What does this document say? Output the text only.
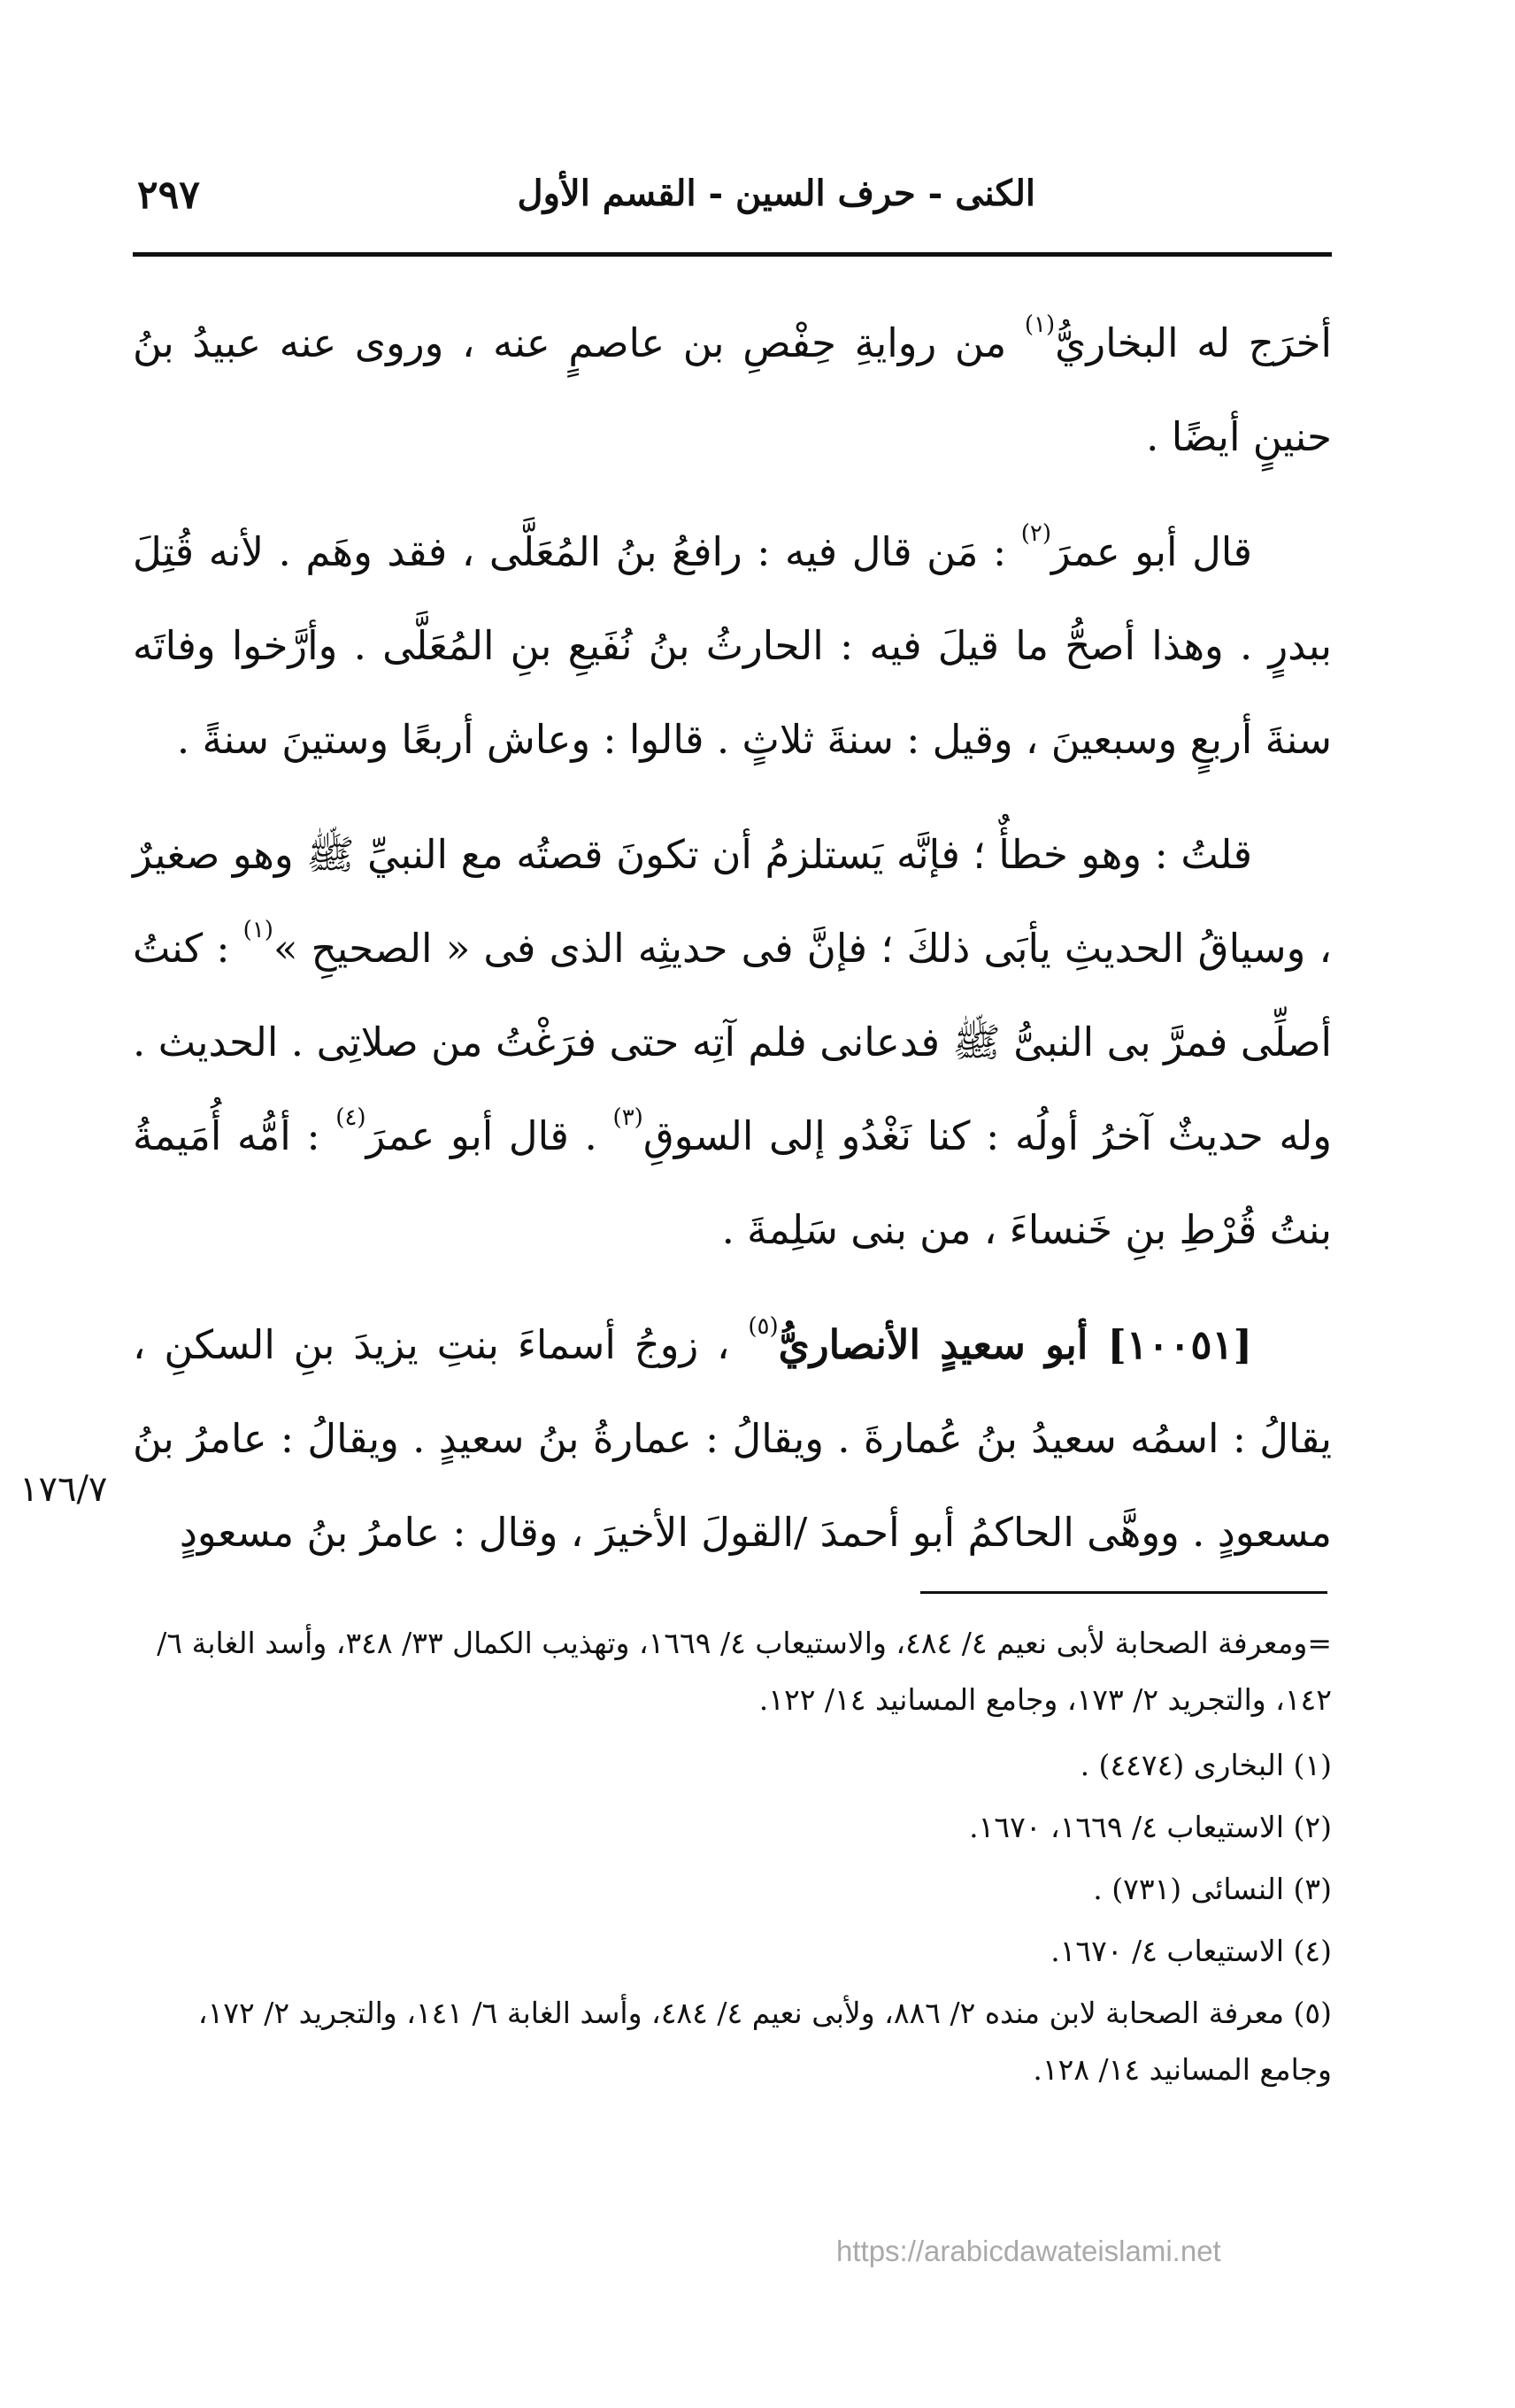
الكنى - حرف السين - القسم الأول
٢٩٧

أخرَج له البخاريُّ$^{(١)}$ من روايةِ حِفْصِ بن عاصمٍ عنه ، وروى عنه عبيدُ بنُ حنينٍ أيضًا .

قال أبو عمرَ$^{(٢)}$ : مَن قال فيه : رافعُ بنُ المُعَلَّى ، فقد وهَم . لأنه قُتِلَ ببدرٍ . وهذا أصحُّ ما قيلَ فيه : الحارثُ بنُ نُفَيعِ بنِ المُعَلَّى . وأرَّخوا وفاتَه سنةَ أربعٍ وسبعينَ ، وقيل : سنةَ ثلاثٍ . قالوا : وعاش أربعًا وستينَ سنةً .

قلتُ : وهو خطأٌ ؛ فإنَّه يَستلزمُ أن تكونَ قصتُه مع النبيِّ ﷺ وهو صغيرٌ ، وسياقُ الحديثِ يأبَى ذلكَ ؛ فإنَّ فى حديثِه الذى فى « الصحيحِ »$^{(١)}$ : كنتُ أصلِّى فمرَّ بى النبىُّ ﷺ فدعانى فلم آتِه حتى فرَغْتُ من صلاتِى . الحديث . وله حديثٌ آخرُ أولُه : كنا نَغْدُو إلى السوقِ$^{(٣)}$ . قال أبو عمرَ$^{(٤)}$ : أمُّه أُمَيمةُ بنتُ قُرْطِ بنِ خَنساءَ ، من بنى سَلِمةَ .

[١٠٠٥١] أبو سعيدٍ الأنصاريُّ$^{(٥)}$ ، زوجُ أسماءَ بنتِ يزيدَ بنِ السكنِ ، يقالُ : اسمُه سعيدُ بنُ عُمارةَ . ويقالُ : عمارةُ بنُ سعيدٍ . ويقالُ : عامرُ بنُ مسعودٍ . ووهَّى الحاكمُ أبو أحمدَ /القولَ الأخيرَ ، وقال : عامرُ بنُ مسعودٍ

١٧٦/٧
=ومعرفة الصحابة لأبى نعيم ٤/ ٤٨٤، والاستيعاب ٤/ ١٦٦٩، وتهذيب الكمال ٣٣/ ٣٤٨، وأسد الغابة ٦/ ١٤٢، والتجريد ٢/ ١٧٣، وجامع المسانيد ١٤/ ١٢٢.
(١) البخارى (٤٤٧٤) .
(٢) الاستيعاب ٤/ ١٦٦٩، ١٦٧٠.
(٣) النسائى (٧٣١) .
(٤) الاستيعاب ٤/ ١٦٧٠.
(٥) معرفة الصحابة لابن منده ٢/ ٨٨٦، ولأبى نعيم ٤/ ٤٨٤، وأسد الغابة ٦/ ١٤١، والتجريد ٢/ ١٧٢، وجامع المسانيد ١٤/ ١٢٨.
https://arabicdawateislami.net
